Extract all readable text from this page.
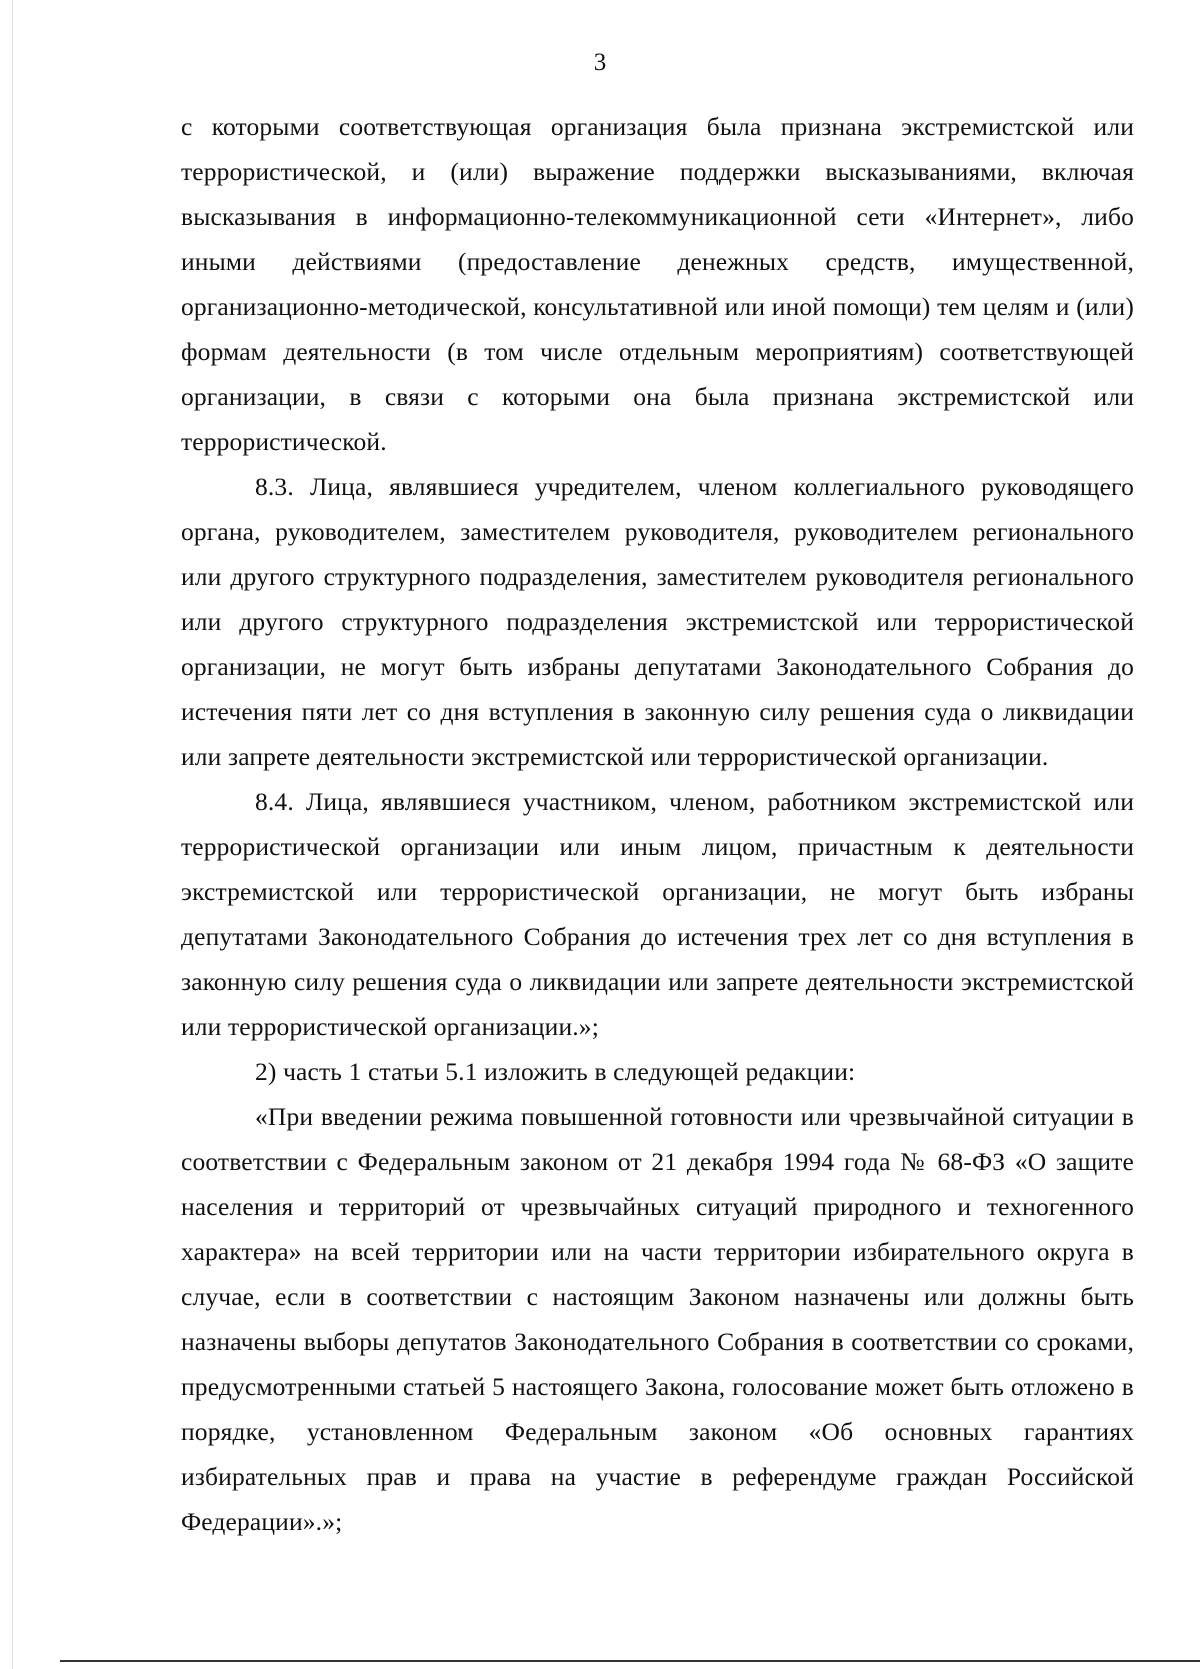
3

с которыми соответствующая организация была признана экстремистской или террористической, и (или) выражение поддержки высказываниями, включая высказывания в информационно-телекоммуникационной сети «Интернет», либо иными действиями (предоставление денежных средств, имущественной, организационно-методической, консультативной или иной помощи) тем целям и (или) формам деятельности (в том числе отдельным мероприятиям) соответствующей организации, в связи с которыми она была признана экстремистской или террористической.

8.3. Лица, являвшиеся учредителем, членом коллегиального руководящего органа, руководителем, заместителем руководителя, руководителем регионального или другого структурного подразделения, заместителем руководителя регионального или другого структурного подразделения экстремистской или террористической организации, не могут быть избраны депутатами Законодательного Собрания до истечения пяти лет со дня вступления в законную силу решения суда о ликвидации или запрете деятельности экстремистской или террористической организации.

8.4. Лица, являвшиеся участником, членом, работником экстремистской или террористической организации или иным лицом, причастным к деятельности экстремистской или террористической организации, не могут быть избраны депутатами Законодательного Собрания до истечения трех лет со дня вступления в законную силу решения суда о ликвидации или запрете деятельности экстремистской или террористической организации.»;

2) часть 1 статьи 5.1 изложить в следующей редакции:

«При введении режима повышенной готовности или чрезвычайной ситуации в соответствии с Федеральным законом от 21 декабря 1994 года № 68-ФЗ «О защите населения и территорий от чрезвычайных ситуаций природного и техногенного характера» на всей территории или на части территории избирательного округа в случае, если в соответствии с настоящим Законом назначены или должны быть назначены выборы депутатов Законодательного Собрания в соответствии со сроками, предусмотренными статьей 5 настоящего Закона, голосование может быть отложено в порядке, установленном Федеральным законом «Об основных гарантиях избирательных прав и права на участие в референдуме граждан Российской Федерации».»;
